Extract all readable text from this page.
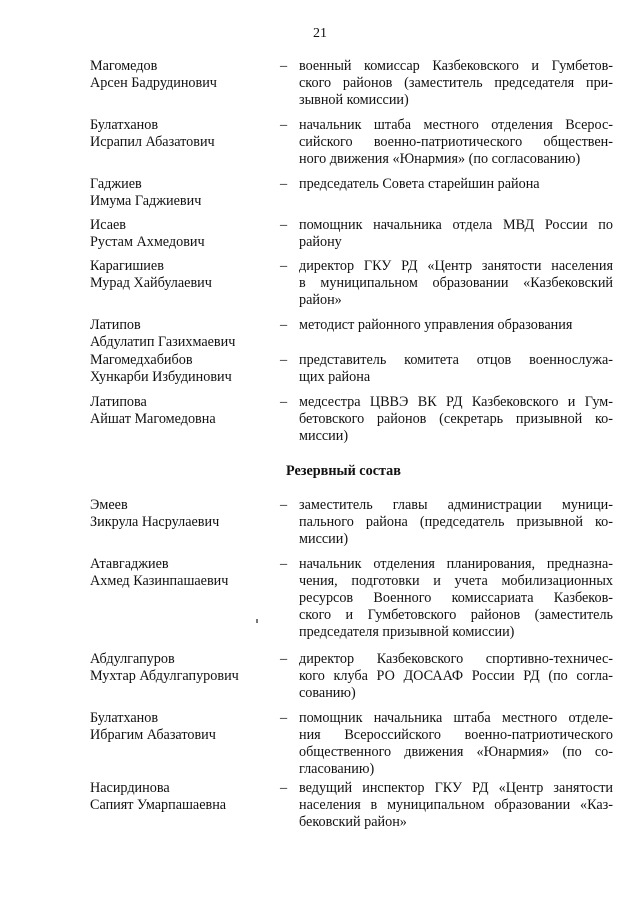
21
Магомедов
Арсен Бадрудинович
– военный комиссар Казбековского и Гумбетов-
ского районов (заместитель председателя при-
зывной комиссии)
Булатханов
Исрапил Абазатович
– начальник штаба местного отделения Всерос-
сийского военно-патриотического обществен-
ного движения «Юнармия» (по согласованию)
Гаджиев
Имума Гаджиевич
– председатель Совета старейшин района
Исаев
Рустам Ахмедович
– помощник начальника отдела МВД России по
району
Карагишиев
Мурад Хайбулаевич
– директор ГКУ РД «Центр занятости населения
в муниципальном образовании «Казбековский
район»
Латипов
Абдулатип Газихмаевич
– методист районного управления образования
Магомедхабибов
Хункарби Избудинович
– представитель комитета отцов военнослужа-
щих района
Латипова
Айшат Магомедовна
– медсестра ЦВВЭ ВК РД Казбековского и Гум-
бетовского районов (секретарь призывной ко-
миссии)
Резервный состав
Эмеев
Зикрула Насрулаевич
– заместитель главы администрации муници-
пального района (председатель призывной ко-
миссии)
Атавгаджиев
Ахмед Казинпашаевич
– начальник отделения планирования, предназна-
чения, подготовки и учета мобилизационных
ресурсов Военного комиссариата Казбеков-
ского и Гумбетовского районов (заместитель
председателя призывной комиссии)
Абдулгапуров
Мухтар Абдулгапурович
– директор Казбековского спортивно-техничес-
кого клуба РО ДОСААФ России РД (по согла-
сованию)
Булатханов
Ибрагим Абазатович
– помощник начальника штаба местного отделе-
ния Всероссийского военно-патриотического
общественного движения «Юнармия» (по со-
гласованию)
Насирдинова
Сапият Умарпашаевна
– ведущий инспектор ГКУ РД «Центр занятости
населения в муниципальном образовании «Каз-
бековский район»
